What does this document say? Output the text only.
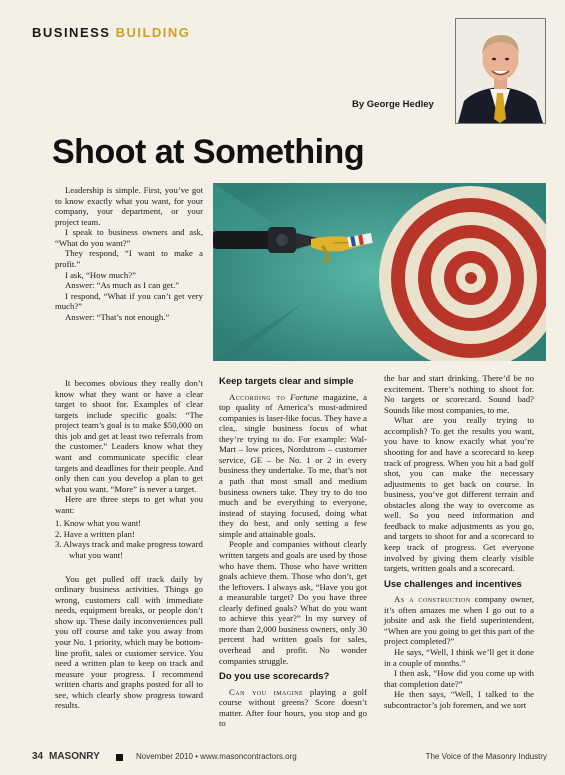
BUSINESS BUILDING
By George Hedley
Shoot at Something

Leadership is simple. First, you’ve got to know exactly what you want, for your company, your department, or your project team.

I speak to business owners and ask, “What do you want?”

They respond, “I want to make a profit.”

I ask, “How much?”

Answer: “As much as I can get.”

I respond, “What if you can’t get very much?”

Answer: “That’s not enough.”

It becomes obvious they really don’t know what they want or have a clear target to shoot for. Examples of clear targets include specific goals: “The project team’s goal is to make $50,000 on this job and get at least two referrals from the customer.” Leaders know what they want and communicate specific clear targets and deadlines for their people. And only then can you develop a plan to get what you want. “More” is never a target.

Here are three steps to get what you want:

1. Know what you want!
2. Have a written plan!
3. Always track and make progress toward what you want!

You get pulled off track daily by ordinary business activities. Things go wrong, customers call with immediate needs, equipment breaks, or people don’t show up. These daily inconveniences pull you off course and take you away from your No. 1 priority, which may be bottom-line profit, sales or customer service. You need a written plan to keep on track and measure your progress. I recommend written charts and graphs posted for all to see, which clearly show progress toward results.

Keep targets clear and simple

According to Fortune magazine, a top quality of America’s most-admired companies is laser-like focus. They have a clea,. single business focus of what they’re trying to do. For example: Wal-Mart – low prices, Nordstrom – customer service, GE – be No. 1 or 2 in every business they undertake. To me, that’s not a path that most small and medium business owners take. They try to do too much and be everything to everyone, instead of staying focused, doing what they do best, and only setting a few simple and attainable goals.

People and companies without clearly written targets and goals are used by those who have them. Those who have written goals achieve them. Those who don’t, get the leftovers. I always ask, “Have you got a measurable target? Do you have three clearly defined goals? What do you want to achieve this year?” In my survey of more than 2,000 business owners, only 30 percent had written goals for sales, overhead and profit. No wonder companies struggle.

Do you use scorecards?

Can you imagine playing a golf course without greens? Score doesn’t matter. After four hours, you stop and go to

the bar and start drinking. There’d be no excitement. There’s nothing to shoot for. No targets or scorecard. Sound bad? Sounds like most companies, to me.

What are you really trying to accomplish? To get the results you want, you have to know exactly what you’re shooting for and have a scorecard to keep track of progress. When you hit a bad golf shot, you can make the necessary adjustments to get back on course. In business, you’ve got different terrain and obstacles along the way to overcome as well. So you need information and feedback to make adjustments as you go, and targets to shoot for and a scorecard to keep track of progress. Get everyone involved by giving them clearly visible targets, written goals and a scorecard.

Use challenges and incentives

As a construction company owner, it’s often amazes me when I go out to a jobsite and ask the field superintendent, “When are you going to get this part of the project completed?”

He says, “Well, I think we’ll get it done in a couple of months.”

I then ask, “How did you come up with that completion date?”

He then says, “Well, I talked to the subcontractor’s job foremen, and we sort

34 MASONRY	November 2010 • www.masoncontractors.org	The Voice of the Masonry Industry
